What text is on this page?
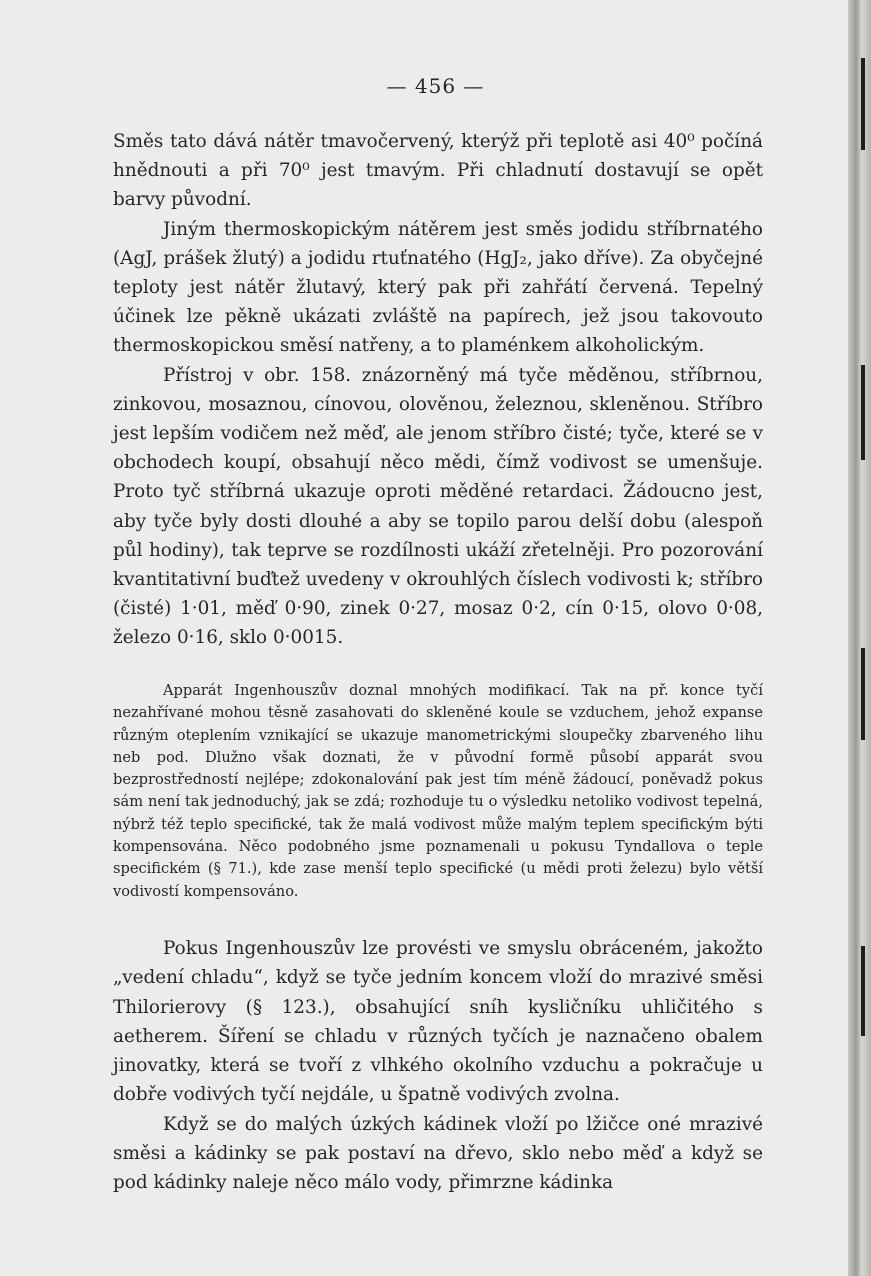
— 456 —

Směs tato dává nátěr tmavočervený, kterýž při teplotě asi 40⁰ počíná hnědnouti a při 70⁰ jest tmavým. Při chladnutí dostavují se opět barvy původní.

Jiným thermoskopickým nátěrem jest směs jodidu stříbrnatého (AgJ, prášek žlutý) a jodidu rtuťnatého (HgJ₂, jako dříve). Za obyčejné teploty jest nátěr žlutavý, který pak při zahřátí červená. Tepelný účinek lze pěkně ukázati zvláště na papírech, jež jsou takovouto thermoskopickou směsí natřeny, a to plaménkem alkoholickým.

Přístroj v obr. 158. znázorněný má tyče měděnou, stříbrnou, zinkovou, mosaznou, cínovou, olověnou, železnou, skleněnou. Stříbro jest lepším vodičem než měď, ale jenom stříbro čisté; tyče, které se v obchodech koupí, obsahují něco mědi, čímž vodivost se umenšuje. Proto tyč stříbrná ukazuje oproti měděné retardaci. Žádoucno jest, aby tyče byly dosti dlouhé a aby se topilo parou delší dobu (alespoň půl hodiny), tak teprve se rozdílnosti ukáží zřetelněji. Pro pozorování kvantitativní buďtež uvedeny v okrouhlých číslech vodivosti k; stříbro (čisté) 1·01, měď 0·90, zinek 0·27, mosaz 0·2, cín 0·15, olovo 0·08, železo 0·16, sklo 0·0015.

Apparát Ingenhouszův doznal mnohých modifikací. Tak na př. konce tyčí nezahřívané mohou těsně zasahovati do skleněné koule se vzduchem, jehož expanse různým oteplením vznikající se ukazuje manometrickými sloupečky zbarveného lihu neb pod. Dlužno však doznati, že v původní formě působí apparát svou bezprostředností nejlépe; zdokonalování pak jest tím méně žádoucí, poněvadž pokus sám není tak jednoduchý, jak se zdá; rozhoduje tu o výsledku netoliko vodivost tepelná, nýbrž též teplo specifické, tak že malá vodivost může malým teplem specifickým býti kompensována. Něco podobného jsme poznamenali u pokusu Tyndallova o teple specifickém (§ 71.), kde zase menší teplo specifické (u mědi proti železu) bylo větší vodivostí kompensováno.

Pokus Ingenhouszův lze provésti ve smyslu obráceném, jakožto „vedení chladu“, když se tyče jedním koncem vloží do mrazivé směsi Thilorierovy (§ 123.), obsahující sníh kysličníku uhličitého s aetherem. Šíření se chladu v různých tyčích je naznačeno obalem jinovatky, která se tvoří z vlhkého okolního vzduchu a pokračuje u dobře vodivých tyčí nejdále, u špatně vodivých zvolna.

Když se do malých úzkých kádinek vloží po lžičce oné mrazivé směsi a kádinky se pak postaví na dřevo, sklo nebo měď a když se pod kádinky naleje něco málo vody, přimrzne kádinka
